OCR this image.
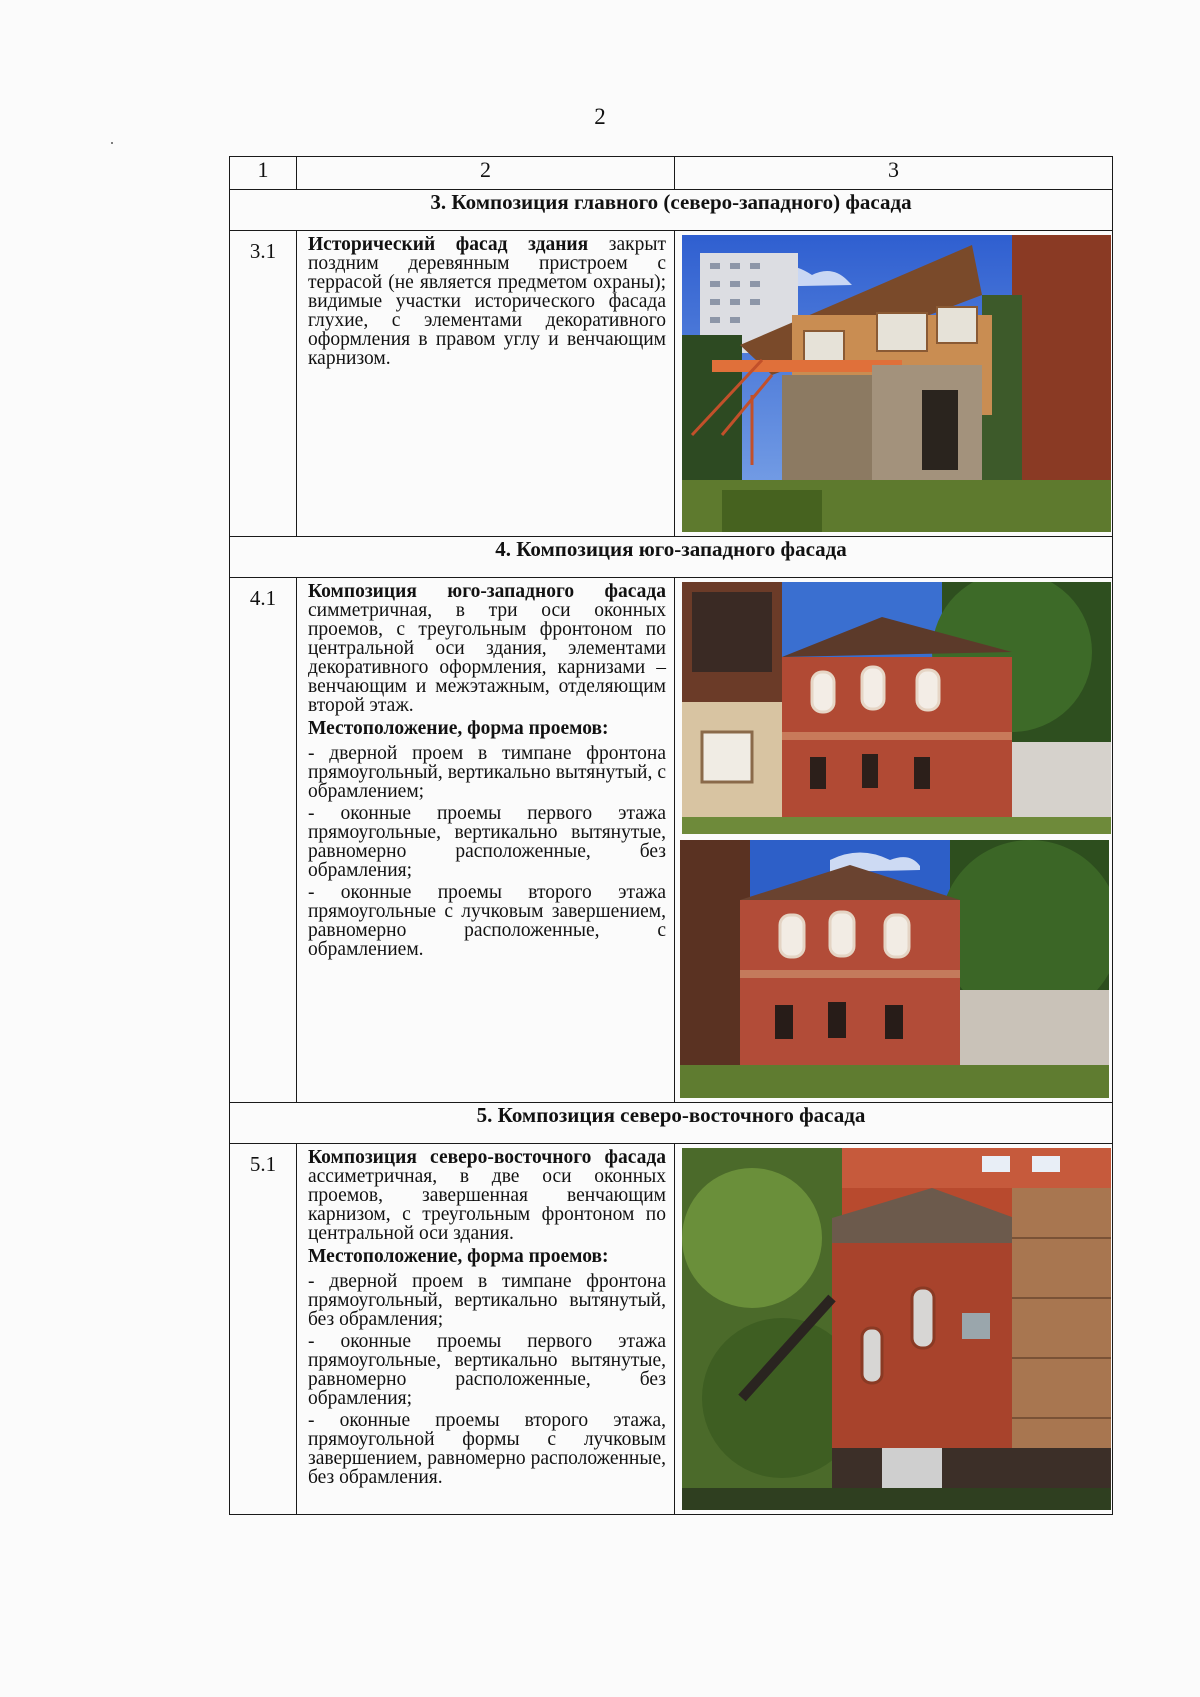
2
1	2	3
3. Композиция главного (северо-западного) фасада		
3.1	Исторический фасад здания закрыт поздним деревянным пристроем с террасой (не является предметом охраны); видимые участки исторического фасада глухие, с элементами декоративного оформления в правом углу и венчающим карнизом.

4. Композиция юго-западного фасада		
4.1	Композиция юго-западного фасада симметричная, в три оси оконных проемов, с треугольным фронтоном по центральной оси здания, элементами декоративного оформления, карнизами – венчающим и межэтажным, отделяющим второй этаж.

Местоположение, форма проемов:

- дверной проем в тимпане фронтона прямоугольный, вертикально вытянутый, с обрамлением;

- оконные проемы первого этажа прямоугольные, вертикально вытянутые, равномерно расположенные, без обрамления;

- оконные проемы второго этажа прямоугольные с лучковым завершением, равномерно расположенные, с обрамлением.

5. Композиция северо-восточного фасада		
5.1	Композиция северо-восточного фасада ассиметричная, в две оси оконных проемов, завершенная венчающим карнизом, с треугольным фронтоном по центральной оси здания.

Местоположение, форма проемов:

- дверной проем в тимпане фронтона прямоугольный, вертикально вытянутый, без обрамления;

- оконные проемы первого этажа прямоугольные, вертикально вытянутые, равномерно расположенные, без обрамления;

- оконные проемы второго этажа, прямоугольной формы с лучковым завершением, равномерно расположенные, без обрамления.
